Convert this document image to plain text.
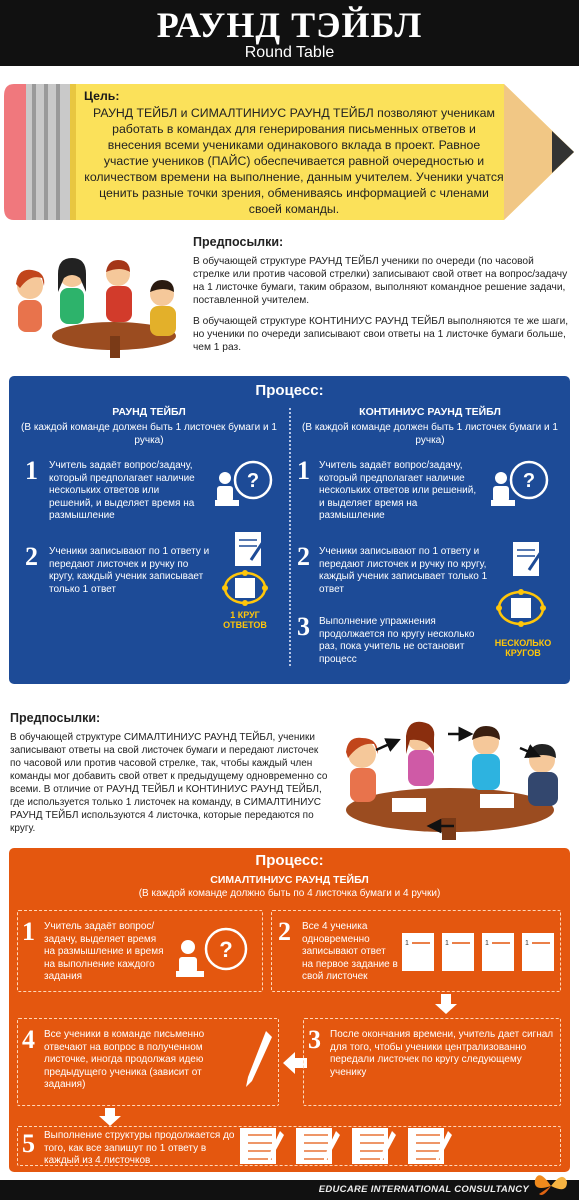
РАУНД ТЭЙБЛ
Round Table
Цель:
РАУНД ТЕЙБЛ и СИМАЛТИНИУС РАУНД ТЕЙБЛ позволяют ученикам работать в командах для генерирования письменных ответов и внесения всеми учениками одинакового вклада в проект. Равное участие учеников (ПАЙС) обеспечивается равной очередностью и количеством времени на выполнение, данным учителем. Ученики учатся ценить разные точки зрения, обмениваясь информацией с членами своей команды.
Предпосылки:

В обучающей структуре РАУНД ТЕЙБЛ ученики по очереди (по часовой стрелке или против часовой стрелки) записывают свой ответ на вопрос/задачу на 1 листочке бумаги, таким образом, выполняют командное решение задачи, поставленной учителем.

В обучающей структуре КОНТИНИУС РАУНД ТЕЙБЛ выполняются те же шаги, но ученики по очереди записывают свои ответы на 1 листочке бумаги больше, чем 1 раз.

Процесс:
РАУНД ТЕЙБЛ
(В каждой команде должен быть 1 листочек бумаги и 1 ручка)
КОНТИНИУС РАУНД ТЕЙБЛ
(В каждой команде должен быть 1 листочек бумаги и 1 ручка)
1 Учитель задаёт вопрос/задачу, который предполагает наличие нескольких ответов или решений, и выделяет время на размышление
?
2 Ученики записывают по 1 ответу и передают листочек и ручку по кругу, каждый ученик записывает только 1 ответ
1 КРУГ ОТВЕТОВ
1 Учитель задаёт вопрос/задачу, который предполагает наличие нескольких ответов или решений, и выделяет время на размышление
?
2 Ученики записывают по 1 ответу и передают листочек и ручку по кругу, каждый ученик записывает только 1 ответ
3 Выполнение упражнения продолжается по кругу несколько раз, пока учитель не остановит процесс
НЕСКОЛЬКО КРУГОВ
Предпосылки:

В обучающей структуре СИМАЛТИНИУС РАУНД ТЕЙБЛ, ученики записывают ответы на свой листочек бумаги и передают листочек по часовой или против часовой стрелке, так, чтобы каждый член команды мог добавить свой ответ к предыдущему одновременно со всеми. В отличие от РАУНД ТЕЙБЛ и КОНТИНИУС РАУНД ТЕЙБЛ, где используется только 1 листочек на команду, в СИМАЛТИНИУС РАУНД ТЕЙБЛ используются 4 листочка, которые передаются по кругу.

Процесс:
СИМАЛТИНИУС РАУНД ТЕЙБЛ
(В каждой команде должно быть по 4 листочка бумаги и 4 ручки)
1 Учитель задаёт вопрос/задачу, выделяет время на размышление и время на выполнение каждого задания
?
2 Все 4 ученика одновременно записывают ответ на первое задание в свой листочек
1	1	1	1
4 Все ученики в команде письменно отвечают на вопрос в полученном листочке, иногда продолжая идею предыдущего ученика (зависит от задания)
3 После окончания времени, учитель дает сигнал для того, чтобы ученики централизованно передали листочек по кругу следующему ученику
5 Выполнение структуры продолжается до того, как все запишут по 1 ответу в каждый из 4 листочков
EDUCARE INTERNATIONAL CONSULTANCY
